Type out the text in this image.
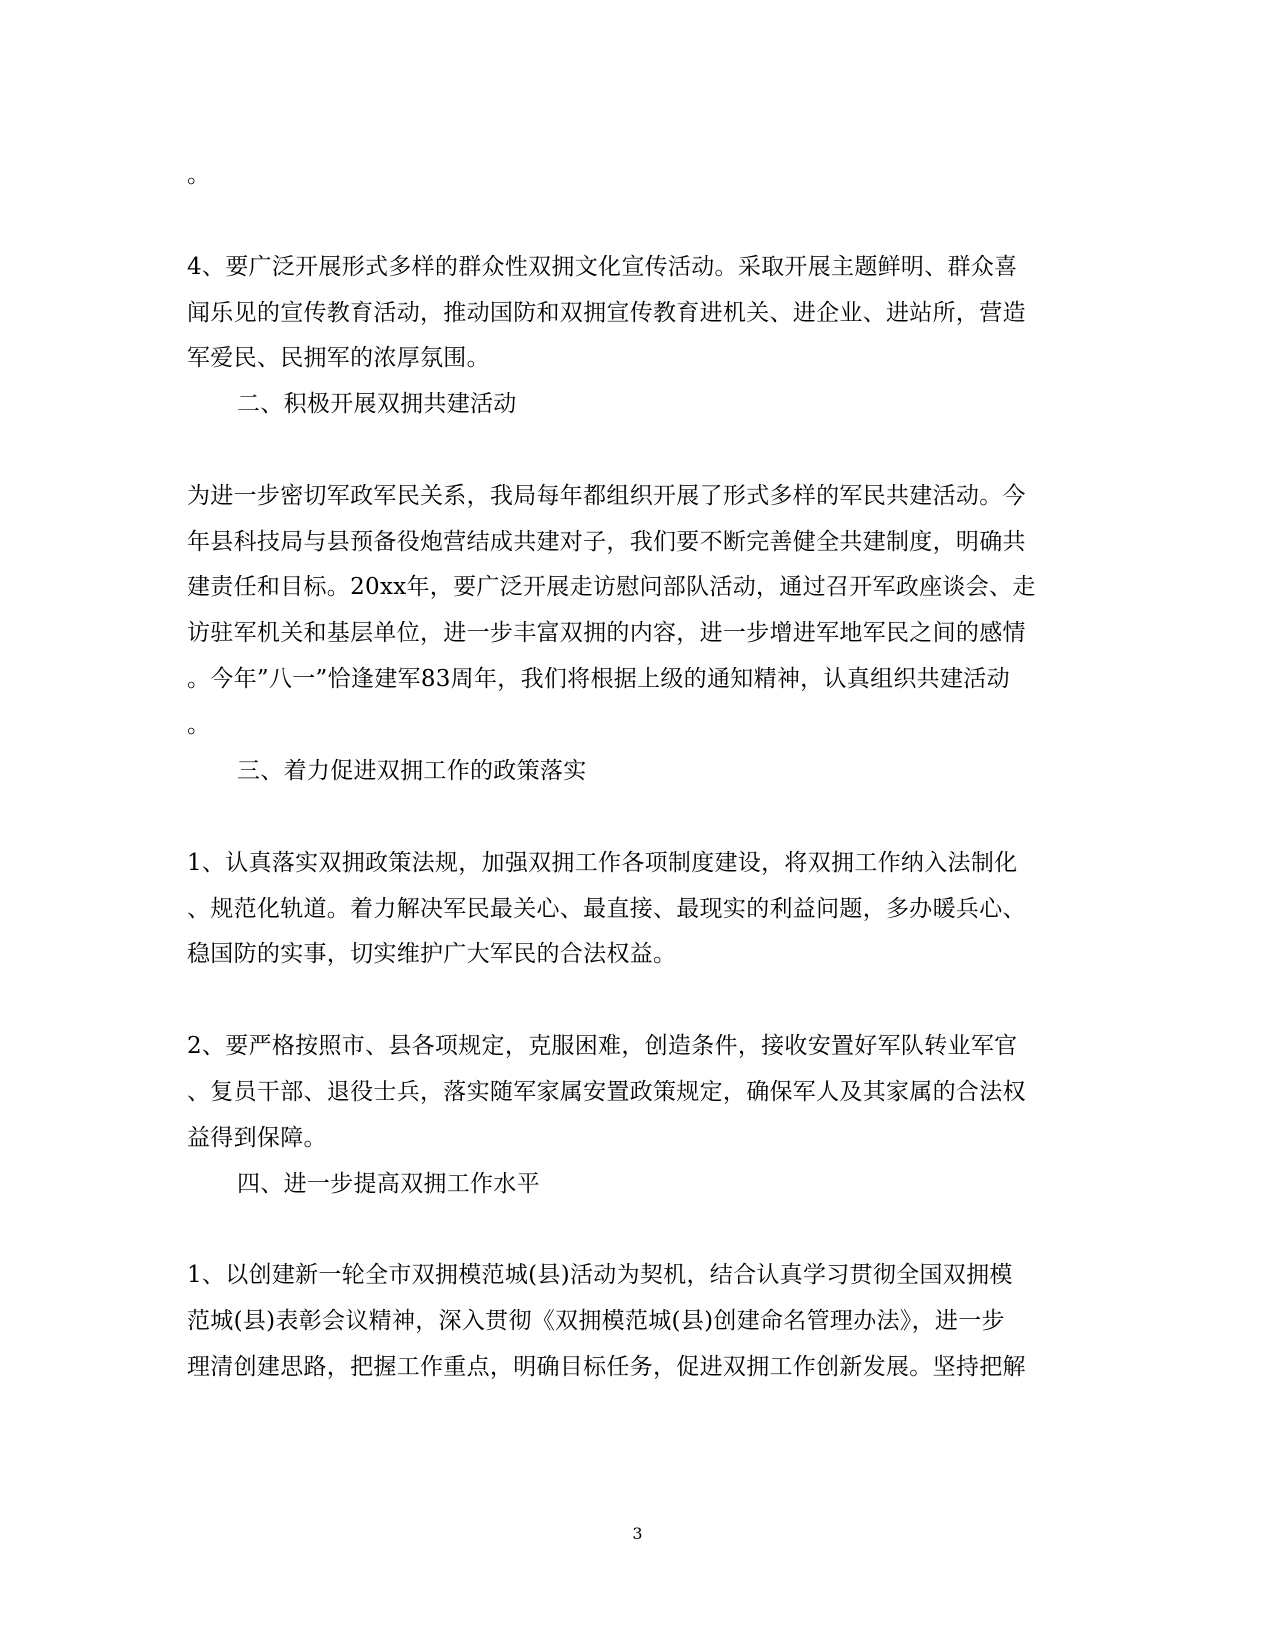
。
4、要广泛开展形式多样的群众性双拥文化宣传活动。采取开展主题鲜明、群众喜
闻乐见的宣传教育活动，推动国防和双拥宣传教育进机关、进企业、进站所，营造
军爱民、民拥军的浓厚氛围。
二、积极开展双拥共建活动
为进一步密切军政军民关系，我局每年都组织开展了形式多样的军民共建活动。今
年县科技局与县预备役炮营结成共建对子，我们要不断完善健全共建制度，明确共
建责任和目标。20xx年，要广泛开展走访慰问部队活动，通过召开军政座谈会、走
访驻军机关和基层单位，进一步丰富双拥的内容，进一步增进军地军民之间的感情
。今年”八一”恰逢建军83周年，我们将根据上级的通知精神，认真组织共建活动
。
三、着力促进双拥工作的政策落实
1、认真落实双拥政策法规，加强双拥工作各项制度建设，将双拥工作纳入法制化
、规范化轨道。着力解决军民最关心、最直接、最现实的利益问题，多办暖兵心、
稳国防的实事，切实维护广大军民的合法权益。
2、要严格按照市、县各项规定，克服困难，创造条件，接收安置好军队转业军官
、复员干部、退役士兵，落实随军家属安置政策规定，确保军人及其家属的合法权
益得到保障。
四、进一步提高双拥工作水平
1、以创建新一轮全市双拥模范城(县)活动为契机，结合认真学习贯彻全国双拥模
范城(县)表彰会议精神，深入贯彻《双拥模范城(县)创建命名管理办法》，进一步
理清创建思路，把握工作重点，明确目标任务，促进双拥工作创新发展。坚持把解
3
